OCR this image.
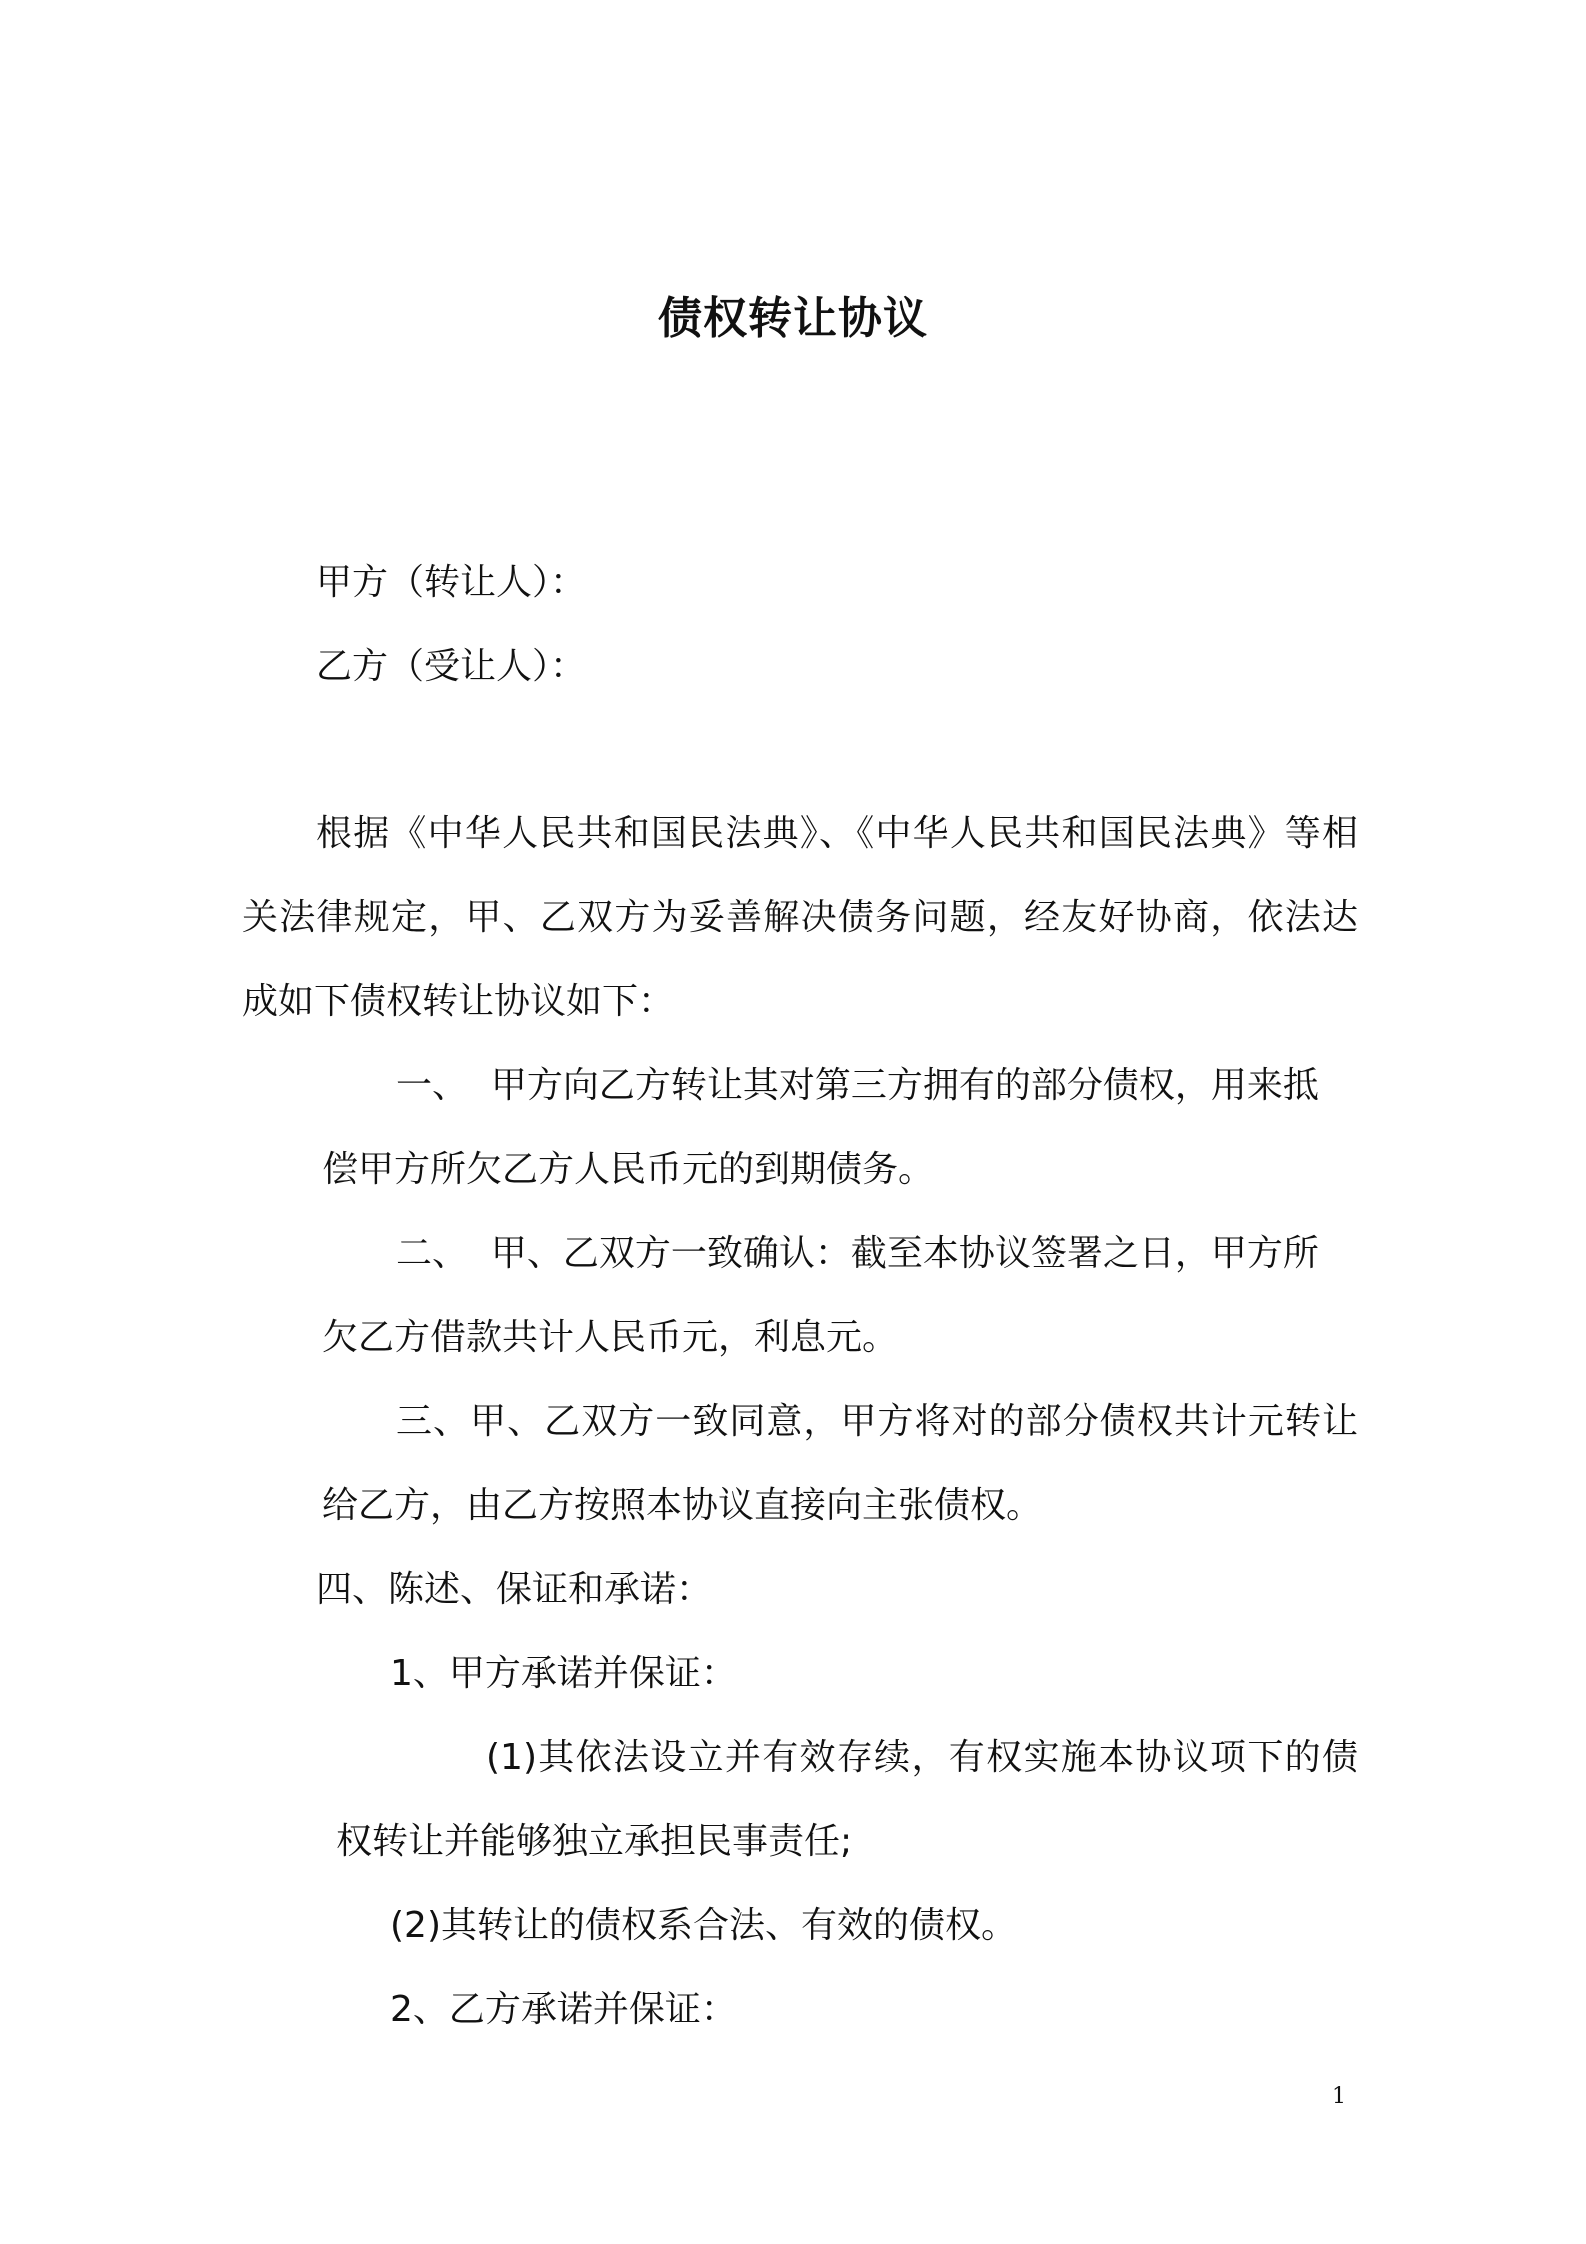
债权转让协议
甲方（转让人）：
乙方（受让人）：
根据《中华人民共和国民法典》、《中华人民共和国民法典》等相
关法律规定，甲、乙双方为妥善解决债务问题，经友好协商，依法达
成如下债权转让协议如下：
一、  甲方向乙方转让其对第三方拥有的部分债权，用来抵
偿甲方所欠乙方人民币元的到期债务。
二、  甲、乙双方一致确认：截至本协议签署之日，甲方所
欠乙方借款共计人民币元，利息元。
三、甲、乙双方一致同意，甲方将对的部分债权共计元转让
给乙方，由乙方按照本协议直接向主张债权。
四、陈述、保证和承诺：
1、甲方承诺并保证：
(1)其依法设立并有效存续，有权实施本协议项下的债
权转让并能够独立承担民事责任;
(2)其转让的债权系合法、有效的债权。
2、乙方承诺并保证：
1
